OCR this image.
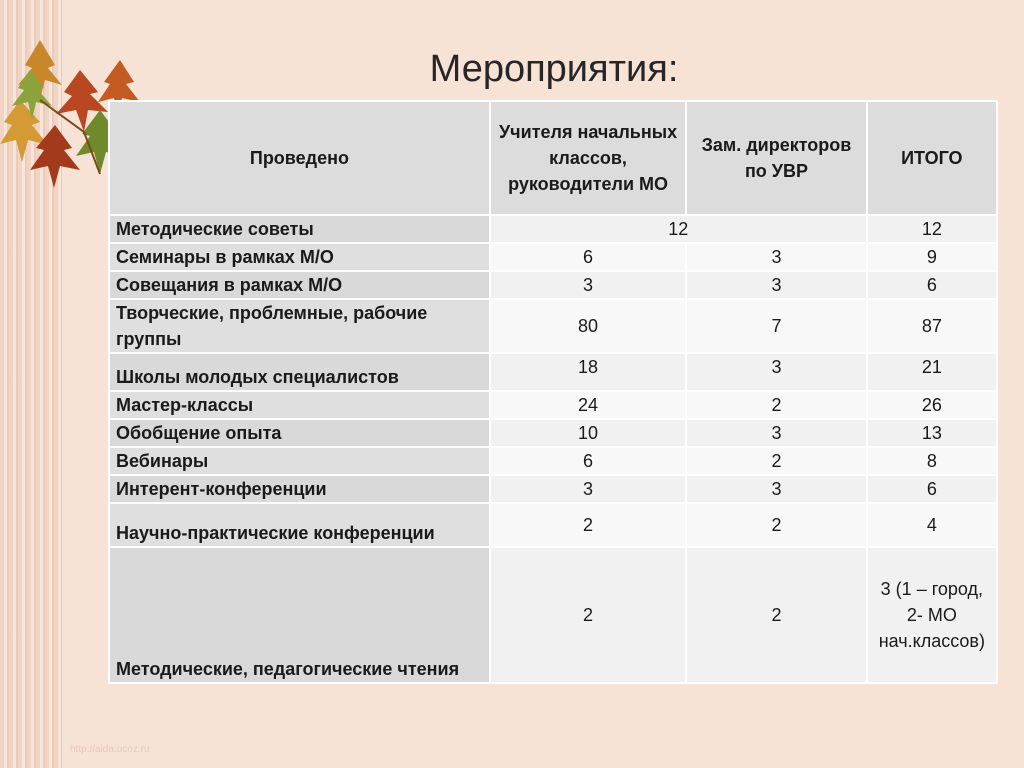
Мероприятия:
Проведено	Учителя начальных классов, руководители МО	Зам. директоров по УВР	ИТОГО
Методические советы	12		12
Семинары в рамках М/О	6	3	9
Совещания в рамках М/О	3	3	6
Творческие, проблемные, рабочие группы	80	7	87
Школы молодых специалистов	18	3	21
Мастер-классы	24	2	26
Обобщение опыта	10	3	13
Вебинары	6	2	8
Интерент-конференции	3	3	6
Научно-практические конференции	2	2	4
Методические, педагогические чтения	2	2	3 (1 – город, 2- МО нач.классов)
http://aida.ucoz.ru
